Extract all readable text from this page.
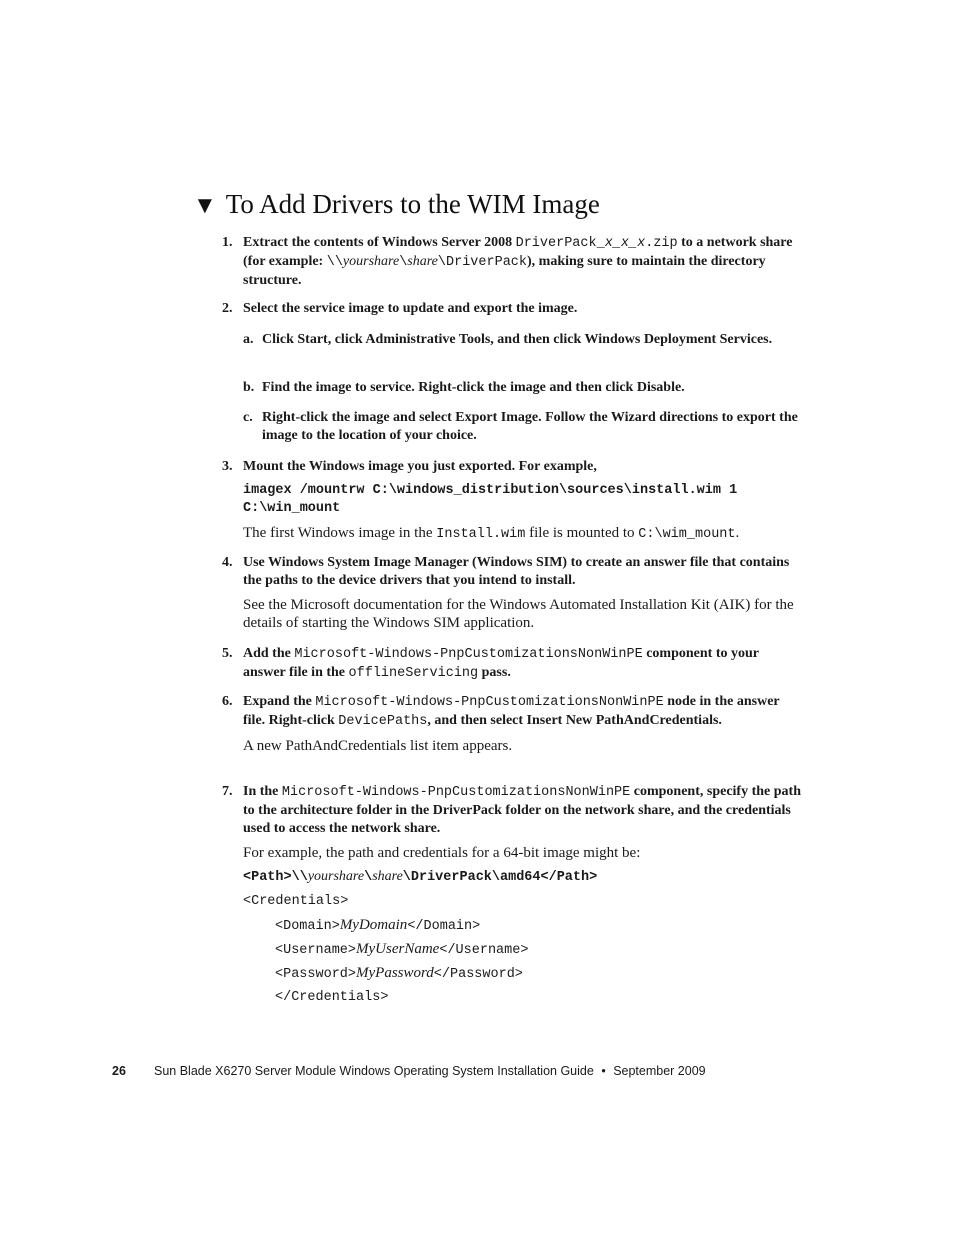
▼ To Add Drivers to the WIM Image
1. Extract the contents of Windows Server 2008 DriverPack_x_x_x.zip to a network share (for example: \\yourshare\share\DriverPack), making sure to maintain the directory structure.

2. Select the service image to update and export the image.

a. Click Start, click Administrative Tools, and then click Windows Deployment Services.

b. Find the image to service. Right-click the image and then click Disable.

c. Right-click the image and select Export Image. Follow the Wizard directions to export the image to the location of your choice.

3. Mount the Windows image you just exported. For example,

imagex /mountrw C:\windows_distribution\sources\install.wim 1 C:\win_mount

The first Windows image in the Install.wim file is mounted to C:\wim_mount.

4. Use Windows System Image Manager (Windows SIM) to create an answer file that contains the paths to the device drivers that you intend to install.

See the Microsoft documentation for the Windows Automated Installation Kit (AIK) for the details of starting the Windows SIM application.

5. Add the Microsoft-Windows-PnpCustomizationsNonWinPE component to your answer file in the offlineServicing pass.

6. Expand the Microsoft-Windows-PnpCustomizationsNonWinPE node in the answer file. Right-click DevicePaths, and then select Insert New PathAndCredentials.

A new PathAndCredentials list item appears.

7. In the Microsoft-Windows-PnpCustomizationsNonWinPE component, specify the path to the architecture folder in the DriverPack folder on the network share, and the credentials used to access the network share.

For example, the path and credentials for a 64-bit image might be:

<Path>\\yourshare\share\DriverPack\amd64</Path>
<Credentials>
<Domain>MyDomain</Domain>
<Username>MyUserName</Username>
<Password>MyPassword</Password>
</Credentials>
26 Sun Blade X6270 Server Module Windows Operating System Installation Guide • September 2009
